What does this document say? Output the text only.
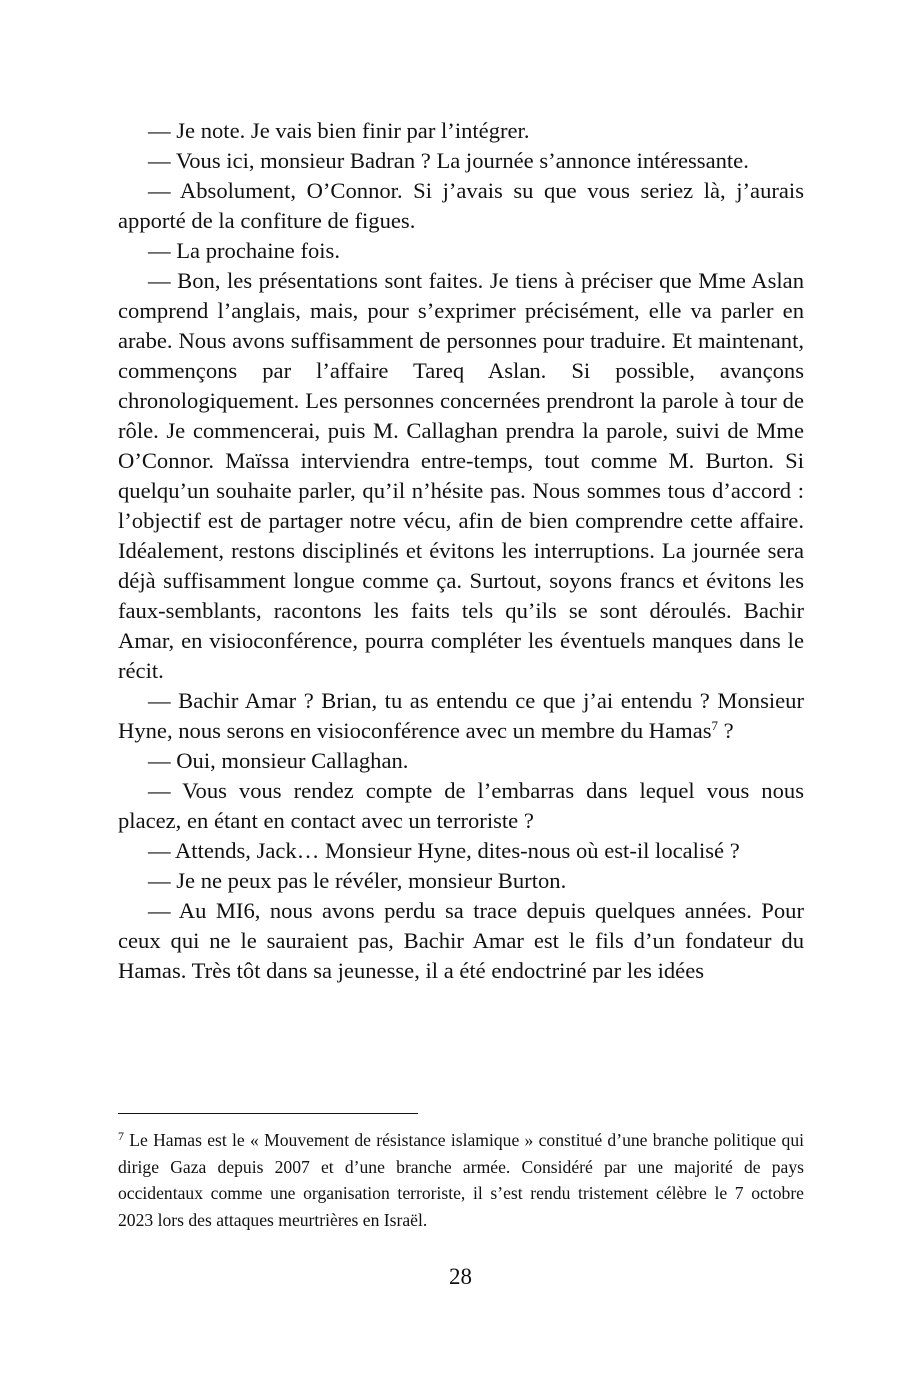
— Je note. Je vais bien finir par l’intégrer.

— Vous ici, monsieur Badran ? La journée s’annonce intéressante.

— Absolument, O’Connor. Si j’avais su que vous seriez là, j’aurais apporté de la confiture de figues.

— La prochaine fois.

— Bon, les présentations sont faites. Je tiens à préciser que Mme Aslan comprend l’anglais, mais, pour s’exprimer précisément, elle va parler en arabe. Nous avons suffisamment de personnes pour traduire. Et maintenant, commençons par l’affaire Tareq Aslan. Si possible, avançons chronologiquement. Les personnes concernées prendront la parole à tour de rôle. Je commencerai, puis M. Callaghan prendra la parole, suivi de Mme O’Connor. Maïssa interviendra entre-temps, tout comme M. Burton. Si quelqu’un souhaite parler, qu’il n’hésite pas. Nous sommes tous d’accord : l’objectif est de partager notre vécu, afin de bien comprendre cette affaire. Idéalement, restons disciplinés et évitons les interruptions. La journée sera déjà suffisamment longue comme ça. Surtout, soyons francs et évitons les faux-semblants, racontons les faits tels qu’ils se sont déroulés. Bachir Amar, en visioconférence, pourra compléter les éventuels manques dans le récit.

— Bachir Amar ? Brian, tu as entendu ce que j’ai entendu ? Monsieur Hyne, nous serons en visioconférence avec un membre du Hamas$^7$ ?

— Oui, monsieur Callaghan.

— Vous vous rendez compte de l’embarras dans lequel vous nous placez, en étant en contact avec un terroriste ?

— Attends, Jack… Monsieur Hyne, dites-nous où est-il localisé ?

— Je ne peux pas le révéler, monsieur Burton.

— Au MI6, nous avons perdu sa trace depuis quelques années. Pour ceux qui ne le sauraient pas, Bachir Amar est le fils d’un fondateur du Hamas. Très tôt dans sa jeunesse, il a été endoctriné par les idées

$^7$ Le Hamas est le « Mouvement de résistance islamique » constitué d’une branche politique qui dirige Gaza depuis 2007 et d’une branche armée. Considéré par une majorité de pays occidentaux comme une organisation terroriste, il s’est rendu tristement célèbre le 7 octobre 2023 lors des attaques meurtrières en Israël.

28
